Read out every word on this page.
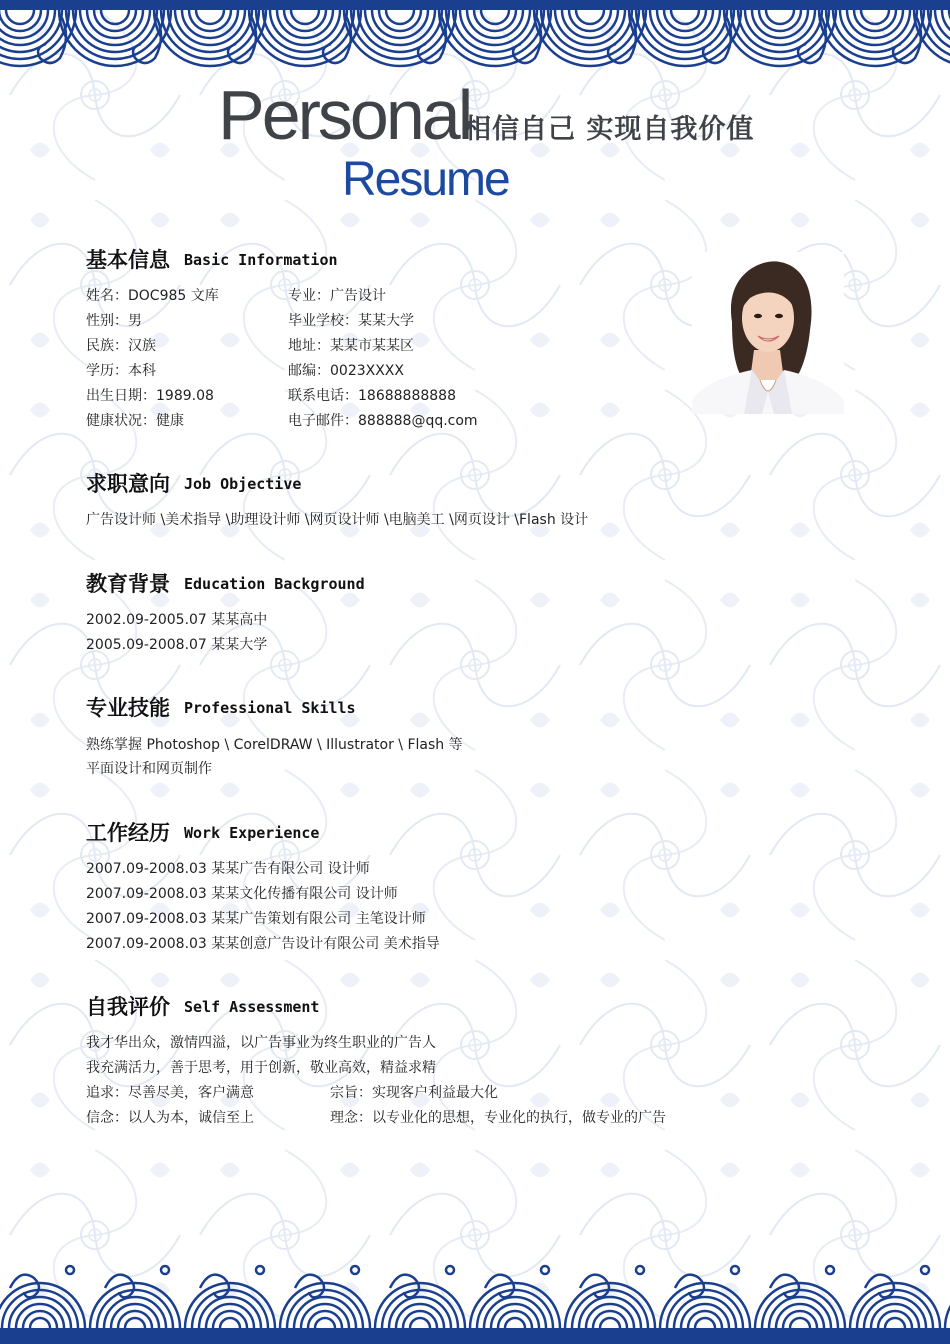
Personal
相信自己 实现自我价值
Resume
基本信息 Basic Information
姓名：DOC985 文库
性别：男
民族：汉族
学历：本科
出生日期：1989.08
健康状况：健康
专业：广告设计
毕业学校：某某大学
地址：某某市某某区
邮编：0023XXXX
联系电话：18688888888
电子邮件：888888@qq.com
求职意向 Job Objective
广告设计师 \美术指导 \助理设计师 \网页设计师 \电脑美工 \网页设计 \Flash 设计
教育背景 Education Background
2002.09-2005.07 某某高中
2005.09-2008.07 某某大学
专业技能 Professional Skills
熟练掌握 Photoshop \ CorelDRAW \ Illustrator \ Flash 等
平面设计和网页制作
工作经历 Work Experience
2007.09-2008.03 某某广告有限公司 设计师
2007.09-2008.03 某某文化传播有限公司 设计师
2007.09-2008.03 某某广告策划有限公司 主笔设计师
2007.09-2008.03 某某创意广告设计有限公司 美术指导
自我评价 Self Assessment
我才华出众，激情四溢，以广告事业为终生职业的广告人
我充满活力，善于思考，用于创新，敬业高效，精益求精
追求：尽善尽美，客户满意	宗旨：实现客户利益最大化
信念：以人为本，诚信至上	理念：以专业化的思想，专业化的执行，做专业的广告
